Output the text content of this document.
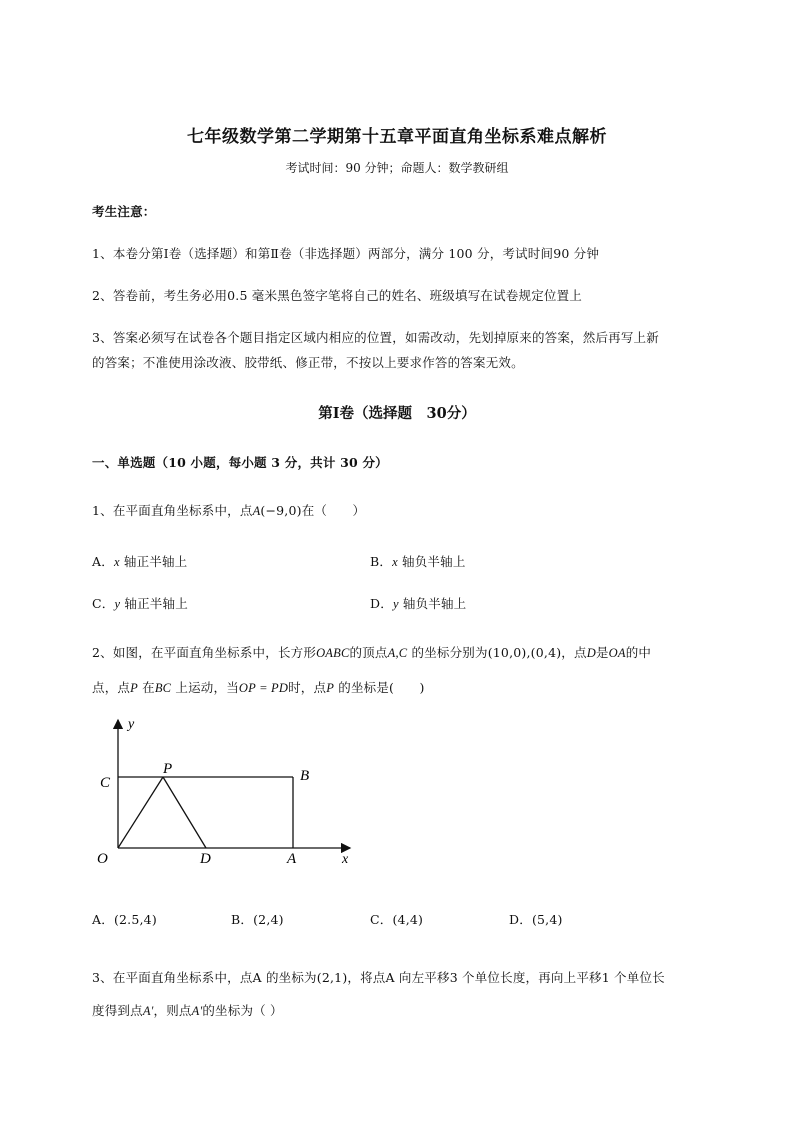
七年级数学第二学期第十五章平面直角坐标系难点解析
考试时间：90 分钟；命题人：数学教研组
考生注意：
1、本卷分第Ⅰ卷（选择题）和第Ⅱ卷（非选择题）两部分，满分 100 分，考试时间90 分钟
2、答卷前，考生务必用0.5 毫米黑色签字笔将自己的姓名、班级填写在试卷规定位置上
3、答案必须写在试卷各个题目指定区域内相应的位置，如需改动，先划掉原来的答案，然后再写上新
的答案；不准使用涂改液、胶带纸、修正带，不按以上要求作答的答案无效。
第Ⅰ卷（选择题　30分）
一、单选题（10 小题，每小题 3 分，共计 30 分）
1、在平面直角坐标系中，点A(−9,0)在（　　）
A．x 轴正半轴上	B．x 轴负半轴上
C．y 轴正半轴上	D．y 轴负半轴上
2、如图，在平面直角坐标系中，长方形OABC的顶点A,C 的坐标分别为(10,0),(0,4)，点D是OA的中
点，点P 在BC 上运动，当OP = PD时，点P 的坐标是(　　)
y
x
O	A
B
C
D
P
A．(2.5,4)	B．(2,4)	C．(4,4)	D．(5,4)
3、在平面直角坐标系中，点A 的坐标为(2,1)，将点A 向左平移3 个单位长度，再向上平移1 个单位长
度得到点A'，则点A'的坐标为（ ）
